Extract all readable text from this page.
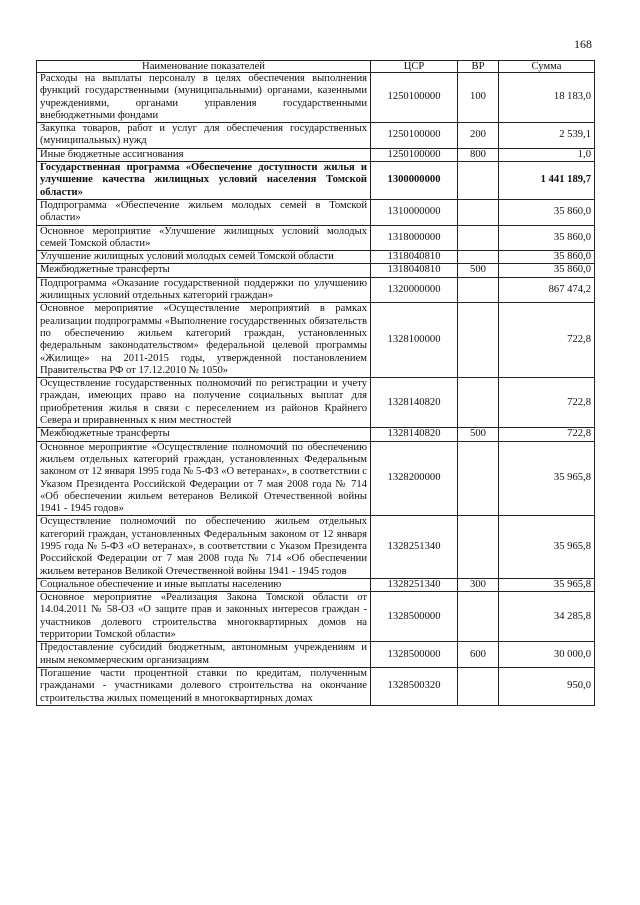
168
Наименование показателей	ЦСР	ВР	Сумма
Расходы на выплаты персоналу в целях обеспечения выполнения функций государственными (муниципальными) органами, казенными учреждениями, органами управления государственными внебюджетными фондами	1250100000	100	18 183,0
Закупка товаров, работ и услуг для обеспечения государственных (муниципальных) нужд	1250100000	200	2 539,1
Иные бюджетные ассигнования	1250100000	800	1,0
Государственная программа «Обеспечение доступности жилья и улучшение качества жилищных условий населения Томской области»	1300000000		1 441 189,7
Подпрограмма «Обеспечение жильем молодых семей в Томской области»	1310000000		35 860,0
Основное мероприятие «Улучшение жилищных условий молодых семей Томской области»	1318000000		35 860,0
Улучшение жилищных условий молодых семей Томской области	1318040810		35 860,0
Межбюджетные трансферты	1318040810	500	35 860,0
Подпрограмма «Оказание государственной поддержки по улучшению жилищных условий отдельных категорий граждан»	1320000000		867 474,2
Основное мероприятие «Осуществление мероприятий в рамках реализации подпрограммы «Выполнение государственных обязательств по обеспечению жильем категорий граждан, установленных федеральным законодательством» федеральной целевой программы «Жилище» на 2011-2015 годы, утвержденной постановлением Правительства РФ от 17.12.2010 № 1050»	1328100000		722,8
Осуществление государственных полномочий по регистрации и учету граждан, имеющих право на получение социальных выплат для приобретения жилья в связи с переселением из районов Крайнего Севера и приравненных к ним местностей	1328140820		722,8
Межбюджетные трансферты	1328140820	500	722,8
Основное мероприятие «Осуществление полномочий по обеспечению жильем отдельных категорий граждан, установленных Федеральным законом от 12 января 1995 года № 5-ФЗ «О ветеранах», в соответствии с Указом Президента Российской Федерации от 7 мая 2008 года № 714 «Об обеспечении жильем ветеранов Великой Отечественной войны 1941 - 1945 годов»	1328200000		35 965,8
Осуществление полномочий по обеспечению жильем отдельных категорий граждан, установленных Федеральным законом от 12 января 1995 года № 5-ФЗ «О ветеранах», в соответствии с Указом Президента Российской Федерации от 7 мая 2008 года № 714 «Об обеспечении жильем ветеранов Великой Отечественной войны 1941 - 1945 годов	1328251340		35 965,8
Социальное обеспечение и иные выплаты населению	1328251340	300	35 965,8
Основное мероприятие «Реализация Закона Томской области от 14.04.2011 № 58-ОЗ «О защите прав и законных интересов граждан - участников долевого строительства многоквартирных домов на территории Томской области»	1328500000		34 285,8
Предоставление субсидий бюджетным, автономным учреждениям и иным некоммерческим организациям	1328500000	600	30 000,0
Погашение части процентной ставки по кредитам, полученным гражданами - участниками долевого строительства на окончание строительства жилых помещений в многоквартирных домах	1328500320		950,0
